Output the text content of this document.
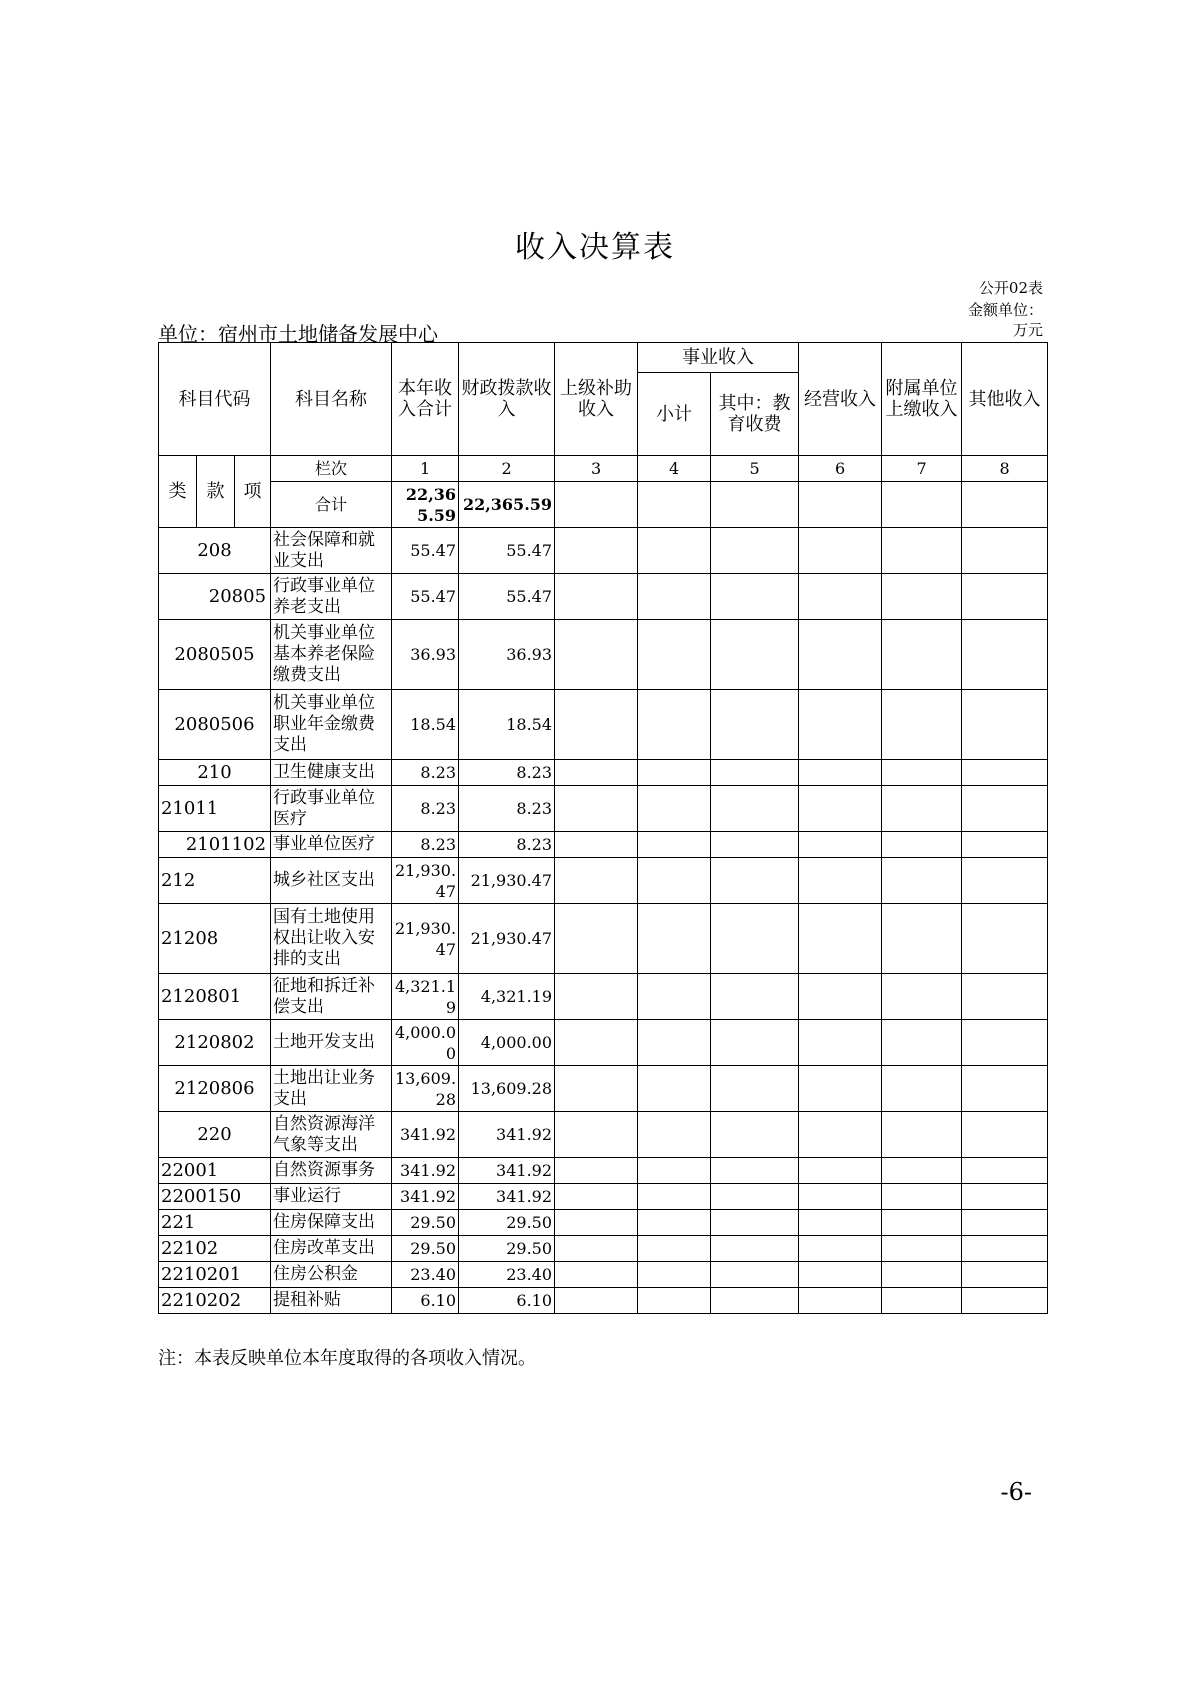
收入决算表
公开02表
金额单位：
万元
单位：宿州市土地储备发展中心
科目代码			科目名称	本年收入合计	财政拨款收入	上级补助收入	事业收入		经营收入	附属单位上缴收入	其他收入
							小计	其中：教育收费			
类	款	项	栏次	1	2	3	4	5	6	7	8
			合计	22,365.59	22,365.59						
208			社会保障和就业支出	55.47	55.47						
20805			行政事业单位养老支出	55.47	55.47						
2080505			机关事业单位基本养老保险缴费支出	36.93	36.93						
2080506			机关事业单位职业年金缴费支出	18.54	18.54						
210			卫生健康支出	8.23	8.23						
21011			行政事业单位医疗	8.23	8.23						
2101102			事业单位医疗	8.23	8.23						
212			城乡社区支出	21,930.47	21,930.47						
21208			国有土地使用权出让收入安排的支出	21,930.47	21,930.47						
2120801			征地和拆迁补偿支出	4,321.19	4,321.19						
2120802			土地开发支出	4,000.00	4,000.00						
2120806			土地出让业务支出	13,609.28	13,609.28						
220			自然资源海洋气象等支出	341.92	341.92						
22001			自然资源事务	341.92	341.92						
2200150			事业运行	341.92	341.92						
221			住房保障支出	29.50	29.50						
22102			住房改革支出	29.50	29.50						
2210201			住房公积金	23.40	23.40						
2210202			提租补贴	6.10	6.10						
注：本表反映单位本年度取得的各项收入情况。
-6-
